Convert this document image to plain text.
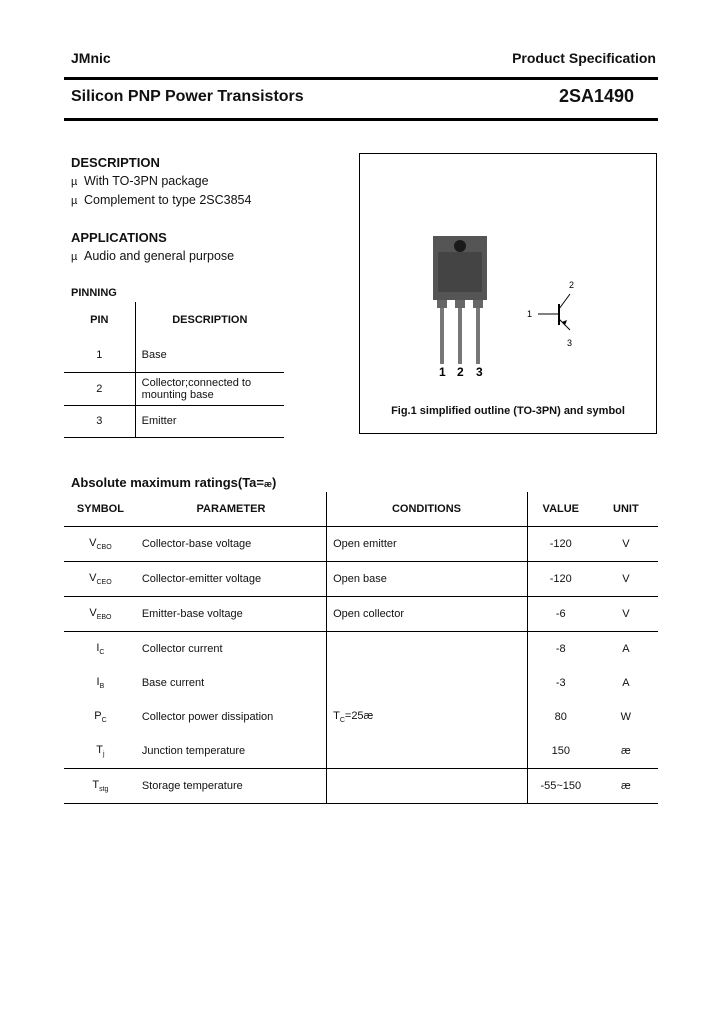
JMnic	Product Specification
Silicon PNP Power Transistors	2SA1490
DESCRIPTION
µ With TO-3PN package
µ Complement to type 2SC3854
APPLICATIONS
µ Audio and general purpose
PINNING
PIN	DESCRIPTION
1	Base
2	Collector;connected to mounting base
3	Emitter
1 2 3
1
2
3
Fig.1 simplified outline (TO-3PN) and symbol
Absolute maximum ratings(Ta=æ)
SYMBOL	PARAMETER	CONDITIONS	VALUE	UNIT
$V_{CBO}$	Collector-base voltage	Open emitter	-120	V
$V_{CEO}$	Collector-emitter voltage	Open base	-120	V
$V_{EBO}$	Emitter-base voltage	Open collector	-6	V
$I_C$	Collector current		-8	A
$I_B$	Base current		-3	A
$P_C$	Collector power dissipation	$T_C=25æ$	80	W
$T_j$	Junction temperature		150	æ
$T_{stg}$	Storage temperature		-55~150	æ
